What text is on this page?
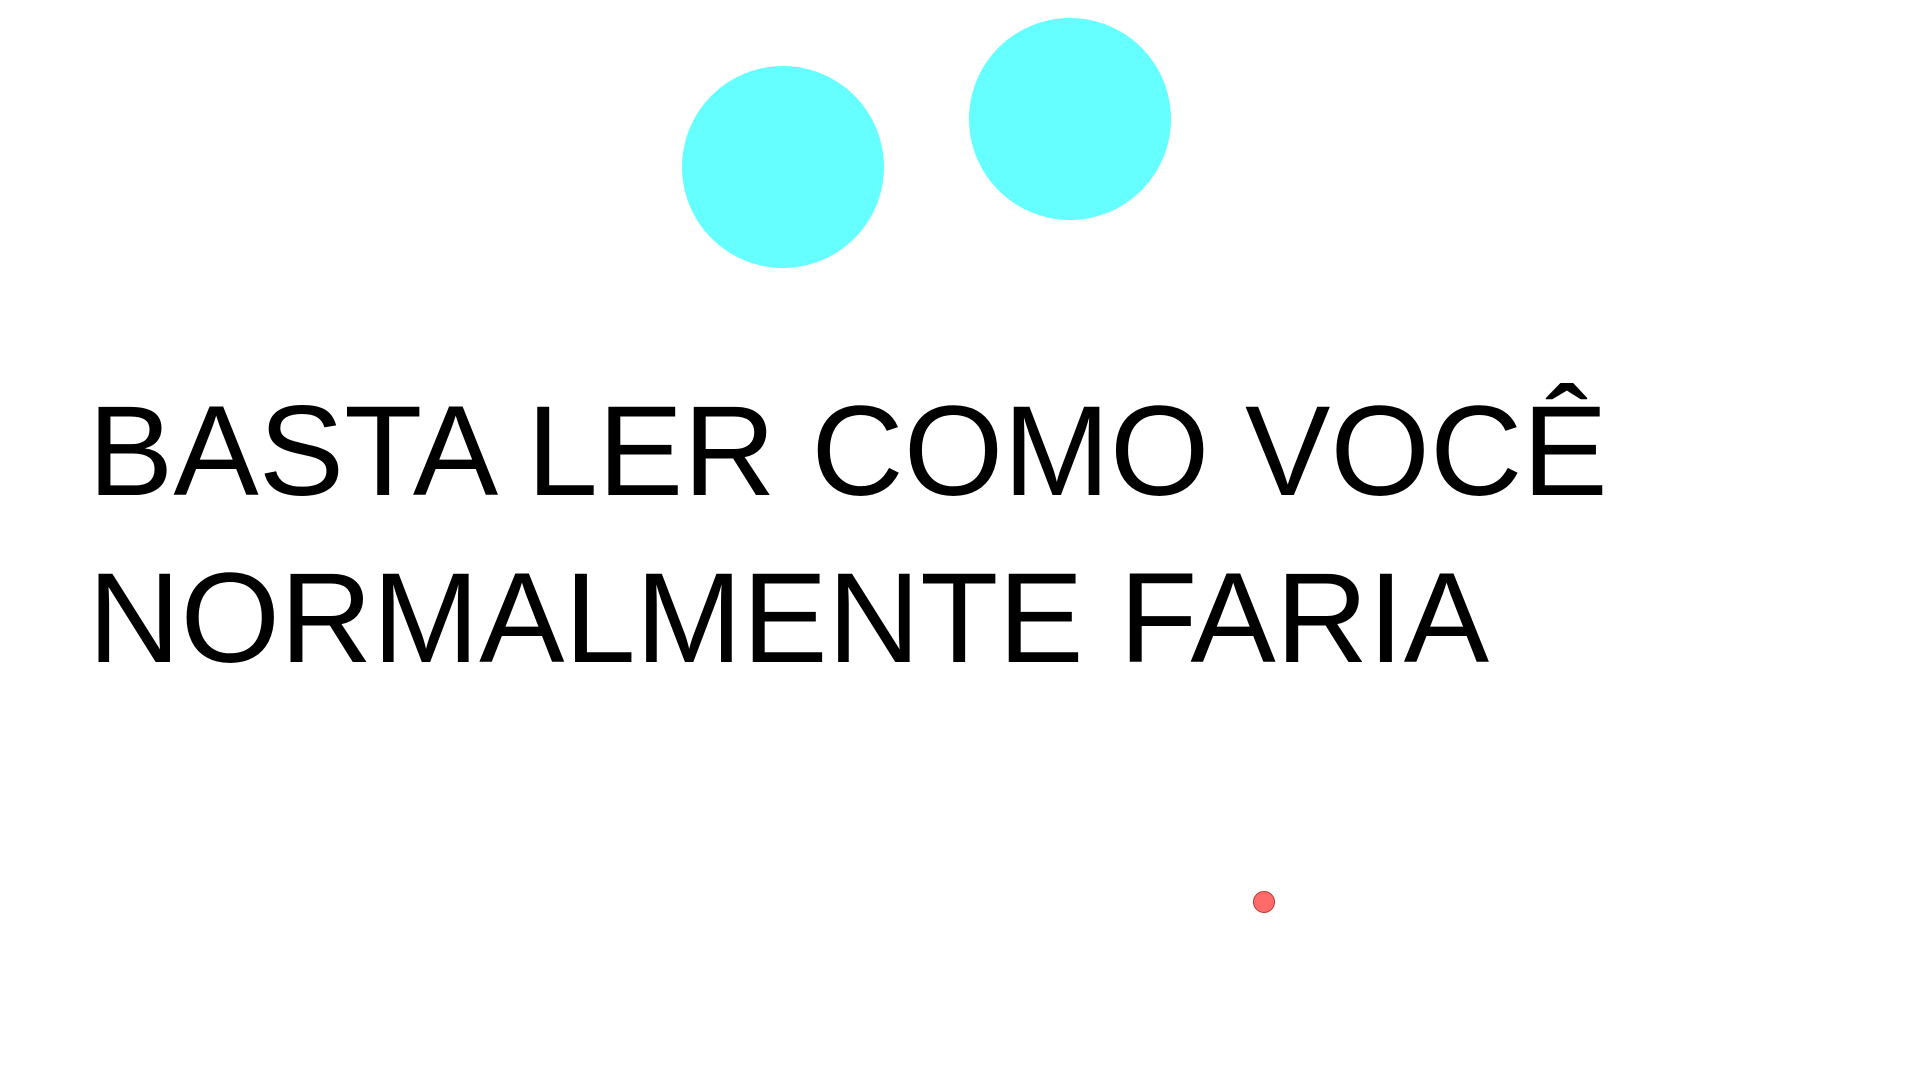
BASTA LER COMO VOCÊ
NORMALMENTE FARIA
